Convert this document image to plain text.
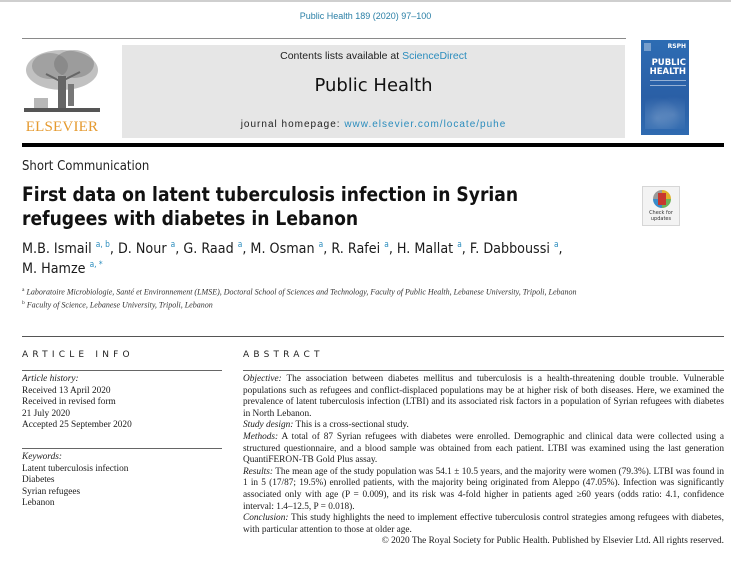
Public Health 189 (2020) 97–100
ELSEVIER
Contents lists available at ScienceDirect
Public Health
journal homepage: www.elsevier.com/locate/puhe
RSPH
PUBLIC
HEALTH
Short Communication
First data on latent tuberculosis infection in Syrian refugees with diabetes in Lebanon	Check for
updates
M.B. Ismail $^{a, b}$, D. Nour $^a$, G. Raad $^a$, M. Osman $^a$, R. Rafei $^a$, H. Mallat $^a$, F. Dabboussi $^a$,
M. Hamze $^{a, *}$
$^a$ Laboratoire Microbiologie, Santé et Environnement (LMSE), Doctoral School of Sciences and Technology, Faculty of Public Health, Lebanese University, Tripoli, Lebanon
$^b$ Faculty of Science, Lebanese University, Tripoli, Lebanon
ARTICLE INFO
Article history:
Received 13 April 2020
Received in revised form
21 July 2020
Accepted 25 September 2020
Keywords:
Latent tuberculosis infection
Diabetes
Syrian refugees
Lebanon
ABSTRACT

Objective: The association between diabetes mellitus and tuberculosis is a health-threatening double trouble. Vulnerable populations such as refugees and conflict-displaced populations may be at higher risk of both diseases. Here, we examined the prevalence of latent tuberculosis infection (LTBI) and its associated risk factors in a population of Syrian refugees with diabetes in North Lebanon.

Study design: This is a cross-sectional study.

Methods: A total of 87 Syrian refugees with diabetes were enrolled. Demographic and clinical data were collected using a structured questionnaire, and a blood sample was obtained from each patient. LTBI was examined using the last generation QuantiFERON-TB Gold Plus assay.

Results: The mean age of the study population was 54.1 ± 10.5 years, and the majority were women (79.3%). LTBI was found in 1 in 5 (17/87; 19.5%) enrolled patients, with the majority being originated from Aleppo (47.05%). Infection was significantly associated only with age (P = 0.009), and its risk was 4-fold higher in patients aged ≥60 years (odds ratio: 4.1, confidence interval: 1.4–12.5, P = 0.018).

Conclusion: This study highlights the need to implement effective tuberculosis control strategies among refugees with diabetes, with particular attention to those at older age.

© 2020 The Royal Society for Public Health. Published by Elsevier Ltd. All rights reserved.
